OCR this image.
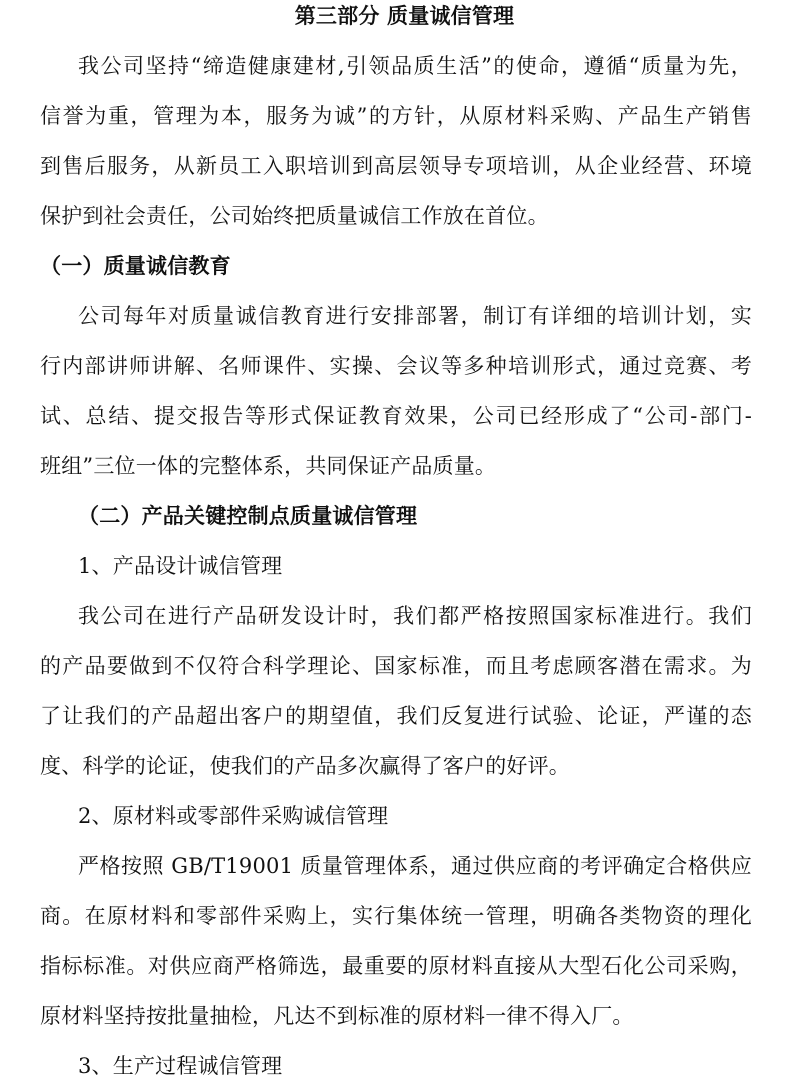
第三部分 质量诚信管理
我公司坚持“缔造健康建材,引领品质生活”的使命，遵循“质量为先，
信誉为重，管理为本，服务为诚”的方针，从原材料采购、产品生产销售
到售后服务，从新员工入职培训到高层领导专项培训，从企业经营、环境
保护到社会责任，公司始终把质量诚信工作放在首位。
（一）质量诚信教育
公司每年对质量诚信教育进行安排部署，制订有详细的培训计划，实
行内部讲师讲解、名师课件、实操、会议等多种培训形式，通过竞赛、考
试、总结、提交报告等形式保证教育效果，公司已经形成了“公司-部门-
班组”三位一体的完整体系，共同保证产品质量。
（二）产品关键控制点质量诚信管理
1、产品设计诚信管理
我公司在进行产品研发设计时，我们都严格按照国家标准进行。我们
的产品要做到不仅符合科学理论、国家标准，而且考虑顾客潜在需求。为
了让我们的产品超出客户的期望值，我们反复进行试验、论证，严谨的态
度、科学的论证，使我们的产品多次赢得了客户的好评。
2、原材料或零部件采购诚信管理
严格按照 GB/T19001 质量管理体系，通过供应商的考评确定合格供应
商。在原材料和零部件采购上，实行集体统一管理，明确各类物资的理化
指标标准。对供应商严格筛选，最重要的原材料直接从大型石化公司采购，
原材料坚持按批量抽检，凡达不到标准的原材料一律不得入厂。
3、生产过程诚信管理
